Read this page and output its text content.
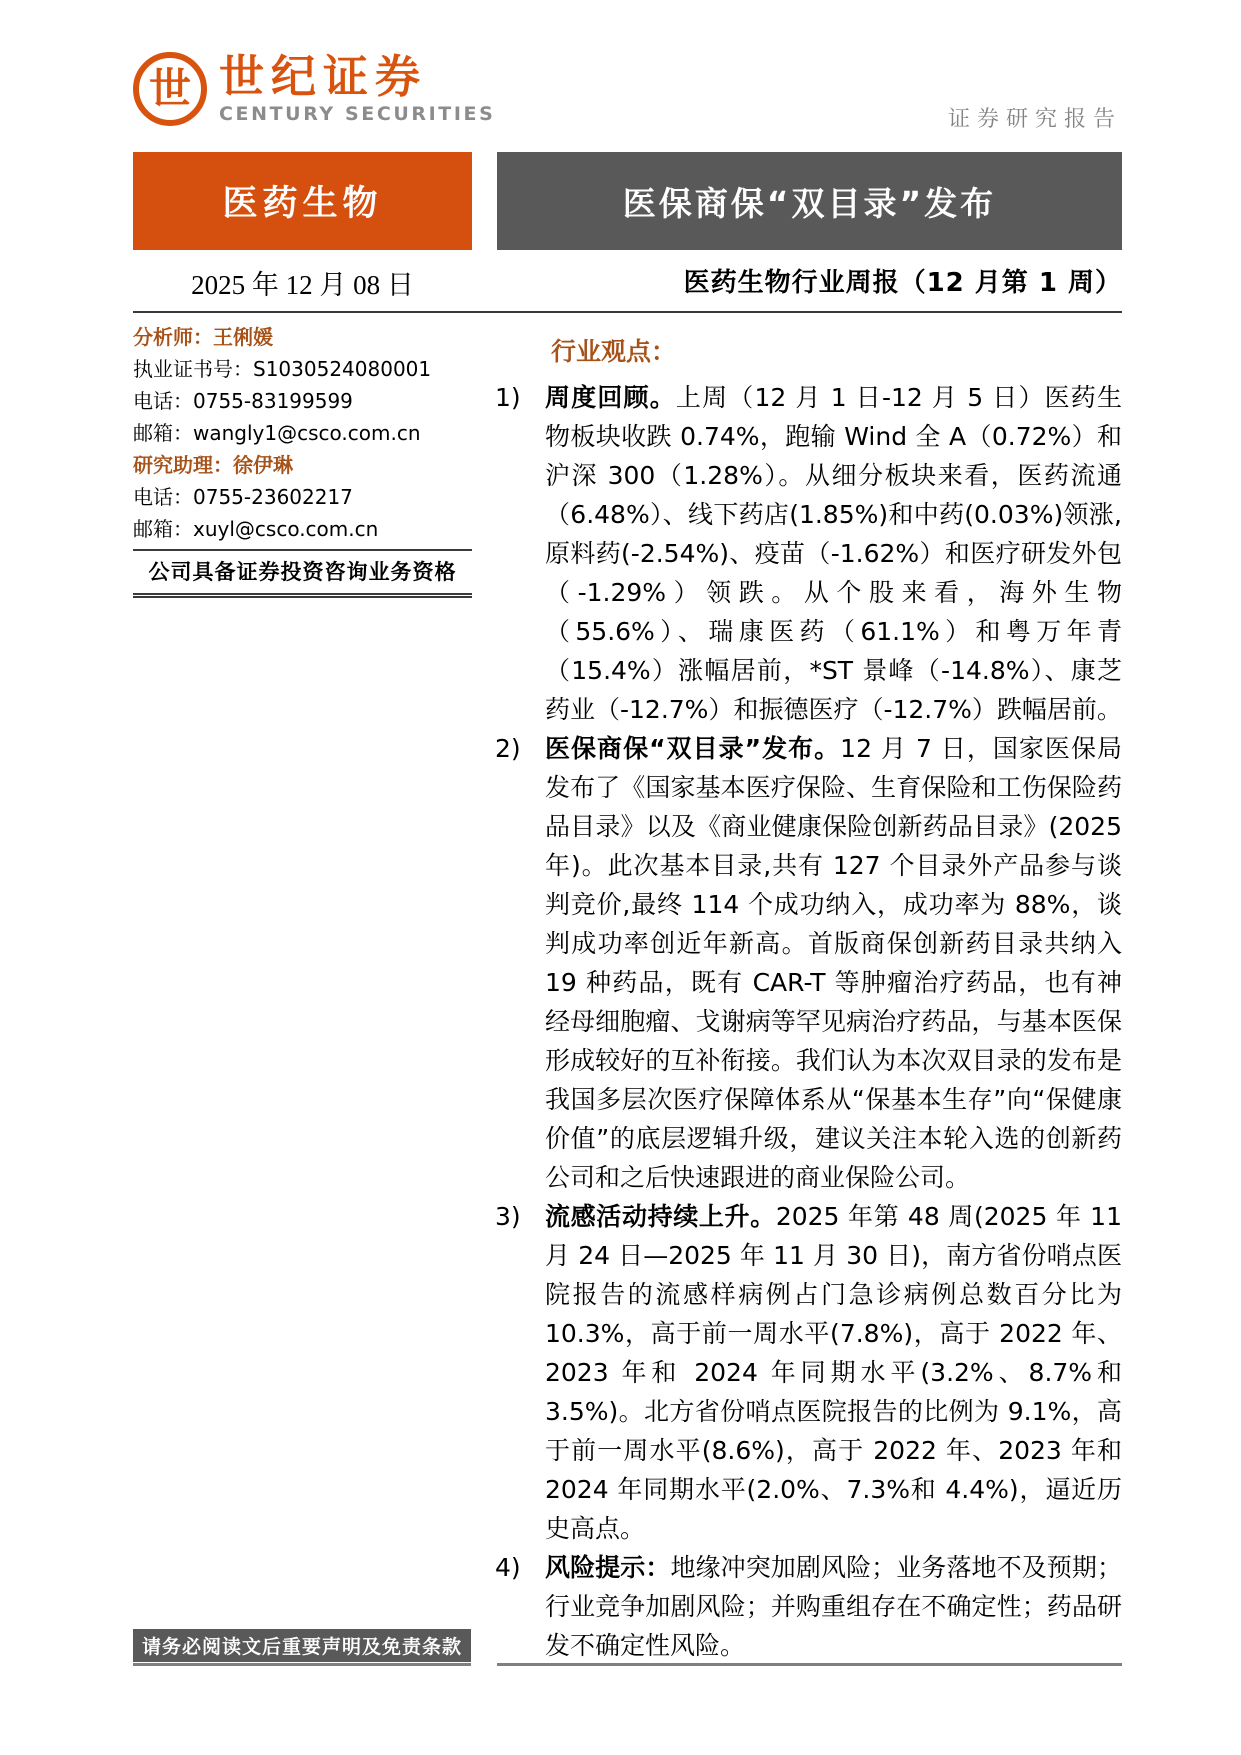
世 世纪证券
CENTURY SECURITIES	证券研究报告
医药生物	医保商保“双目录”发布
2025 年 12 月 08 日	医药生物行业周报（12 月第 1 周）
分析师：王俐媛
执业证书号：S1030524080001
电话：0755-83199599
邮箱：wangly1@csco.com.cn
研究助理：徐伊琳
电话：0755-23602217
邮箱：xuyl@csco.com.cn
公司具备证券投资咨询业务资格
行业观点：
1) 周度回顾。上周（12 月 1 日-12 月 5 日）医药生物板块收跌 0.74%，跑输 Wind 全 A（0.72%）和沪深 300（1.28%）。从细分板块来看，医药流通（6.48%）、线下药店(1.85%)和中药(0.03%)领涨,原料药(-2.54%)、疫苗（-1.62%）和医疗研发外包（-1.29%）领跌。从个股来看，海外生物（55.6%）、瑞康医药（61.1%）和粤万年青（15.4%）涨幅居前，*ST 景峰（-14.8%）、康芝药业（-12.7%）和振德医疗（-12.7%）跌幅居前。

2) 医保商保“双目录”发布。12 月 7 日，国家医保局发布了《国家基本医疗保险、生育保险和工伤保险药品目录》以及《商业健康保险创新药品目录》(2025 年)。此次基本目录,共有 127 个目录外产品参与谈判竞价,最终 114 个成功纳入，成功率为 88%，谈判成功率创近年新高。首版商保创新药目录共纳入 19 种药品，既有 CAR-T 等肿瘤治疗药品，也有神经母细胞瘤、戈谢病等罕见病治疗药品，与基本医保形成较好的互补衔接。我们认为本次双目录的发布是我国多层次医疗保障体系从“保基本生存”向“保健康价值”的底层逻辑升级，建议关注本轮入选的创新药公司和之后快速跟进的商业保险公司。

3) 流感活动持续上升。2025 年第 48 周(2025 年 11 月 24 日—2025 年 11 月 30 日)，南方省份哨点医院报告的流感样病例占门急诊病例总数百分比为 10.3%，高于前一周水平(7.8%)，高于 2022 年、2023 年和 2024 年同期水平(3.2%、8.7%和 3.5%)。北方省份哨点医院报告的比例为 9.1%，高于前一周水平(8.6%)，高于 2022 年、2023 年和 2024 年同期水平(2.0%、7.3%和 4.4%)，逼近历史高点。

4) 风险提示：地缘冲突加剧风险；业务落地不及预期；行业竞争加剧风险；并购重组存在不确定性；药品研发不确定性风险。

请务必阅读文后重要声明及免责条款
